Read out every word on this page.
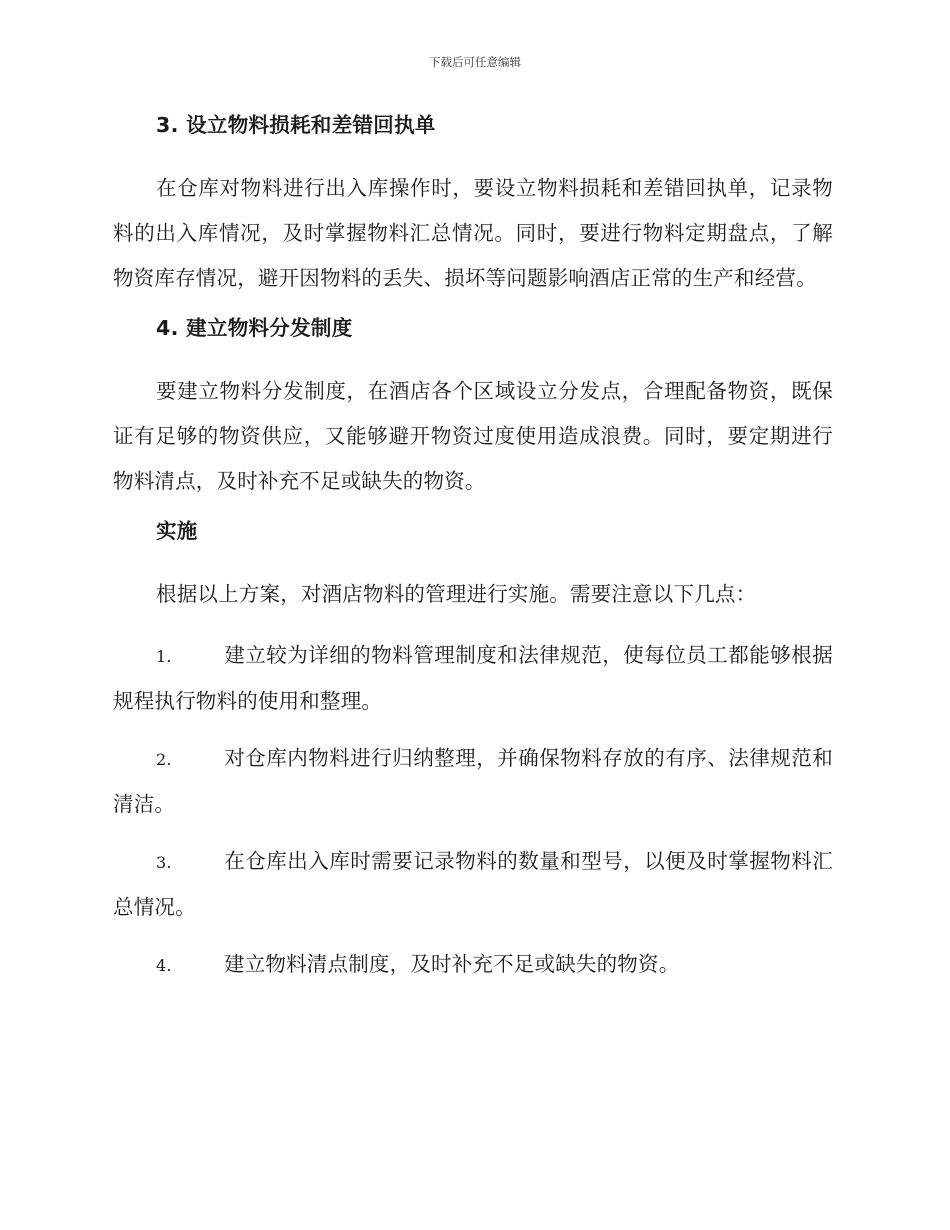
下载后可任意编辑
3. 设立物料损耗和差错回执单
在仓库对物料进行出入库操作时，要设立物料损耗和差错回执单，记录物料的出入库情况，及时掌握物料汇总情况。同时，要进行物料定期盘点，了解物资库存情况，避开因物料的丢失、损坏等问题影响酒店正常的生产和经营。
4. 建立物料分发制度
要建立物料分发制度，在酒店各个区域设立分发点，合理配备物资，既保证有足够的物资供应，又能够避开物资过度使用造成浪费。同时，要定期进行物料清点，及时补充不足或缺失的物资。
实施
根据以上方案，对酒店物料的管理进行实施。需要注意以下几点：
1.	建立较为详细的物料管理制度和法律规范，使每位员工都能够根据规程执行物料的使用和整理。
2.	对仓库内物料进行归纳整理，并确保物料存放的有序、法律规范和清洁。
3.	在仓库出入库时需要记录物料的数量和型号，以便及时掌握物料汇总情况。
4.	建立物料清点制度，及时补充不足或缺失的物资。
